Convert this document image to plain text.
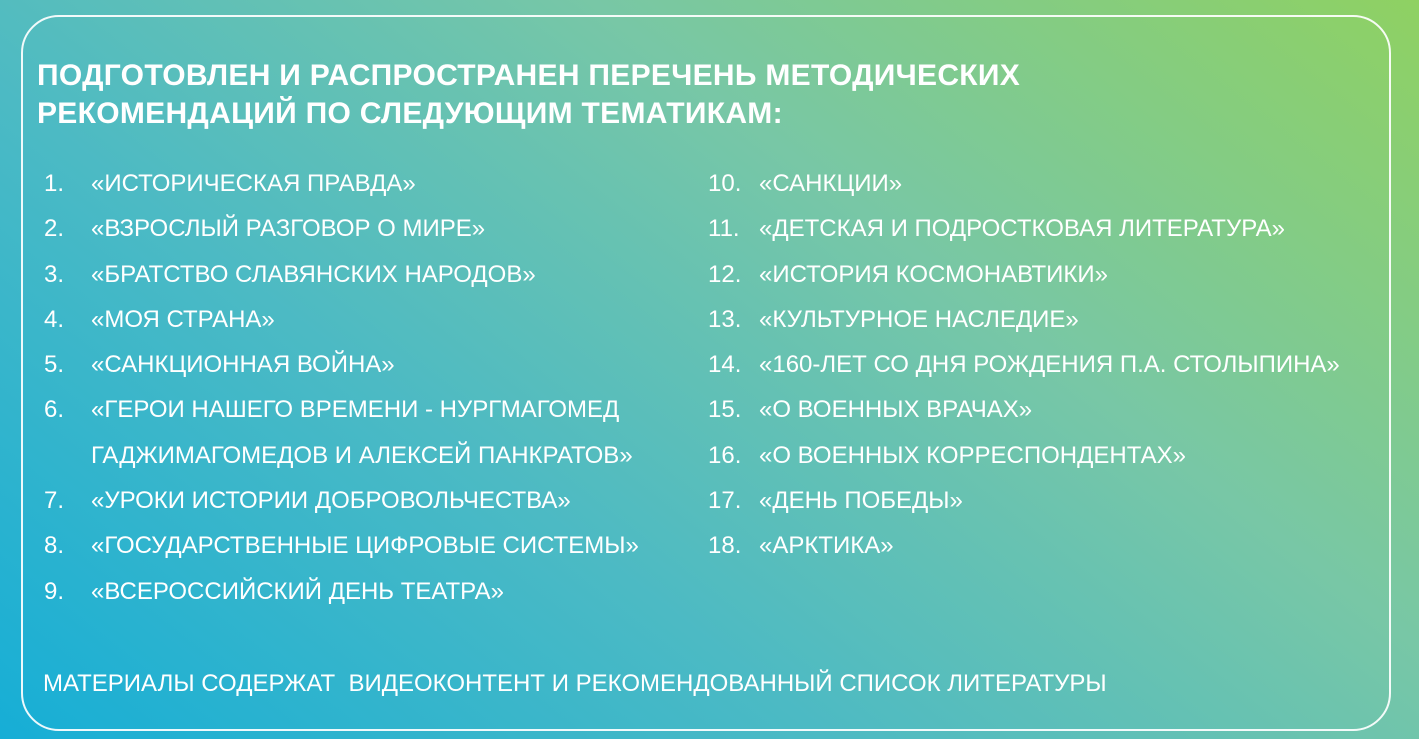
ПОДГОТОВЛЕН И РАСПРОСТРАНЕН ПЕРЕЧЕНЬ МЕТОДИЧЕСКИХ
РЕКОМЕНДАЦИЙ ПО СЛЕДУЮЩИМ ТЕМАТИКАМ:
1.	«ИСТОРИЧЕСКАЯ ПРАВДА»
2.	«ВЗРОСЛЫЙ РАЗГОВОР О МИРЕ»
3.	«БРАТСТВО СЛАВЯНСКИХ НАРОДОВ»
4.	«МОЯ СТРАНА»
5.	«САНКЦИОННАЯ ВОЙНА»
6.	«ГЕРОИ НАШЕГО ВРЕМЕНИ - НУРГМАГОМЕД
ГАДЖИМАГОМЕДОВ И АЛЕКСЕЙ ПАНКРАТОВ»
7.	«УРОКИ ИСТОРИИ ДОБРОВОЛЬЧЕСТВА»
8.	«ГОСУДАРСТВЕННЫЕ ЦИФРОВЫЕ СИСТЕМЫ»
9.	«ВСЕРОССИЙСКИЙ ДЕНЬ ТЕАТРА»
10. «САНКЦИИ»
11. «ДЕТСКАЯ И ПОДРОСТКОВАЯ ЛИТЕРАТУРА»
12. «ИСТОРИЯ КОСМОНАВТИКИ»
13. «КУЛЬТУРНОЕ НАСЛЕДИЕ»
14. «160-ЛЕТ СО ДНЯ РОЖДЕНИЯ П.А. СТОЛЫПИНА»
15. «О ВОЕННЫХ ВРАЧАХ»
16. «О ВОЕННЫХ КОРРЕСПОНДЕНТАХ»
17. «ДЕНЬ ПОБЕДЫ»
18. «АРКТИКА»

МАТЕРИАЛЫ СОДЕРЖАТ  ВИДЕОКОНТЕНТ И РЕКОМЕНДОВАННЫЙ СПИСОК ЛИТЕРАТУРЫ
